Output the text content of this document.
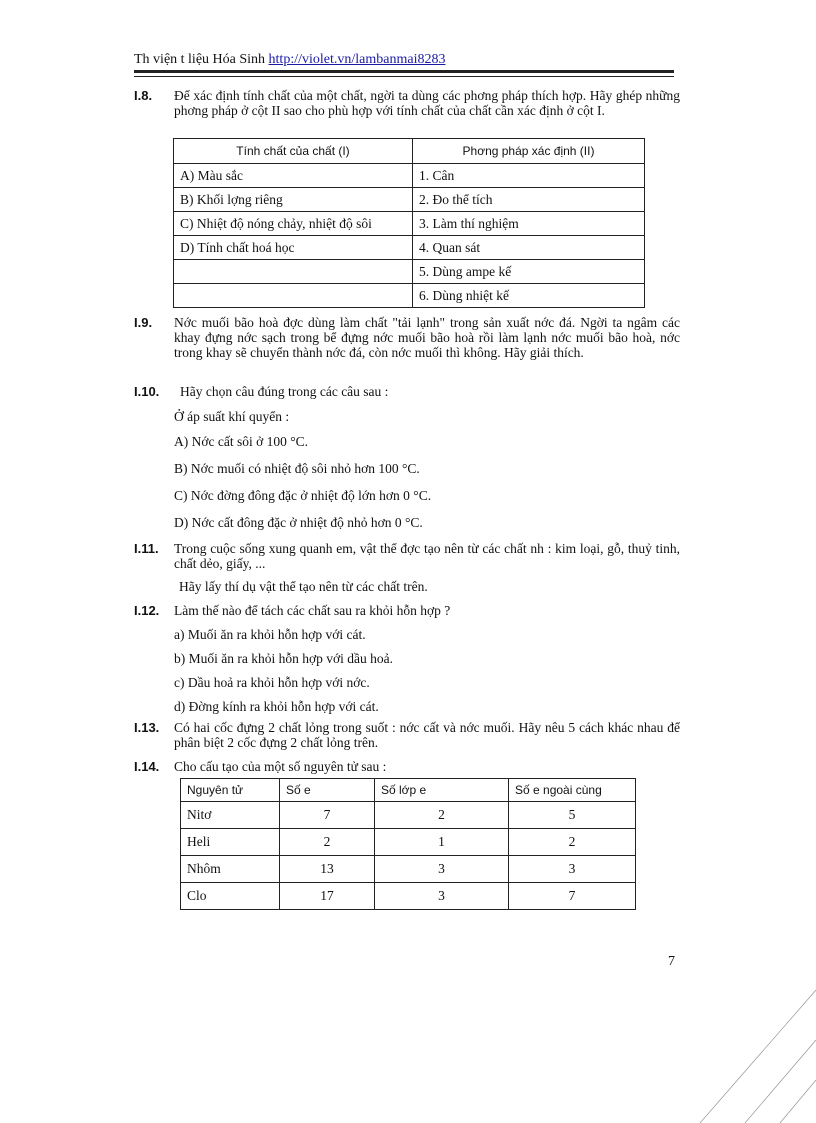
Th viện t liệu Hóa Sinh http://violet.vn/lambanmai8283
I.8. Để xác định tính chất của một chất, ngời ta dùng các phơng pháp thích hợp. Hãy ghép những phơng pháp ở cột II sao cho phù hợp với tính chất của chất cần xác định ở cột I.
Tính chất của chất (I)	Phơng pháp xác định (II)
A) Màu sắc	1. Cân
B) Khối lợng riêng	2. Đo thể tích
C) Nhiệt độ nóng chảy, nhiệt độ sôi	3. Làm thí nghiệm
D) Tính chất hoá học	4. Quan sát
	5. Dùng ampe kế
	6. Dùng nhiệt kế
I.9. Nớc muối bão hoà đợc dùng làm chất "tải lạnh" trong sản xuất nớc đá. Ngời ta ngâm các khay đựng nớc sạch trong bể đựng nớc muối bão hoà rồi làm lạnh nớc muối bão hoà, nớc trong khay sẽ chuyển thành nớc đá, còn nớc muối thì không. Hãy giải thích.
I.10. Hãy chọn câu đúng trong các câu sau :
Ở áp suất khí quyển :
A) Nớc cất sôi ở 100 °C.
B) Nớc muối có nhiệt độ sôi nhỏ hơn 100 °C.
C) Nớc đờng đông đặc ở nhiệt độ lớn hơn 0 °C.
D) Nớc cất đông đặc ở nhiệt độ nhỏ hơn 0 °C.
I.11. Trong cuộc sống xung quanh em, vật thể đợc tạo nên từ các chất nh : kim loại, gỗ, thuỷ tinh, chất dẻo, giấy, ...
Hãy lấy thí dụ vật thể tạo nên từ các chất trên.
I.12. Làm thế nào để tách các chất sau ra khỏi hỗn hợp ?
a) Muối ăn ra khỏi hỗn hợp với cát.
b) Muối ăn ra khỏi hỗn hợp với dầu hoả.
c) Dầu hoả ra khỏi hỗn hợp với nớc.
d) Đờng kính ra khỏi hỗn hợp với cát.
I.13. Có hai cốc đựng 2 chất lỏng trong suốt : nớc cất và nớc muối. Hãy nêu 5 cách khác nhau để phân biệt 2 cốc đựng 2 chất lỏng trên.
I.14. Cho cấu tạo của một số nguyên tử sau :
Nguyên tử	Số e	Số lớp e	Số e ngoài cùng
Nitơ	7	2	5
Heli	2	1	2
Nhôm	13	3	3
Clo	17	3	7
7
